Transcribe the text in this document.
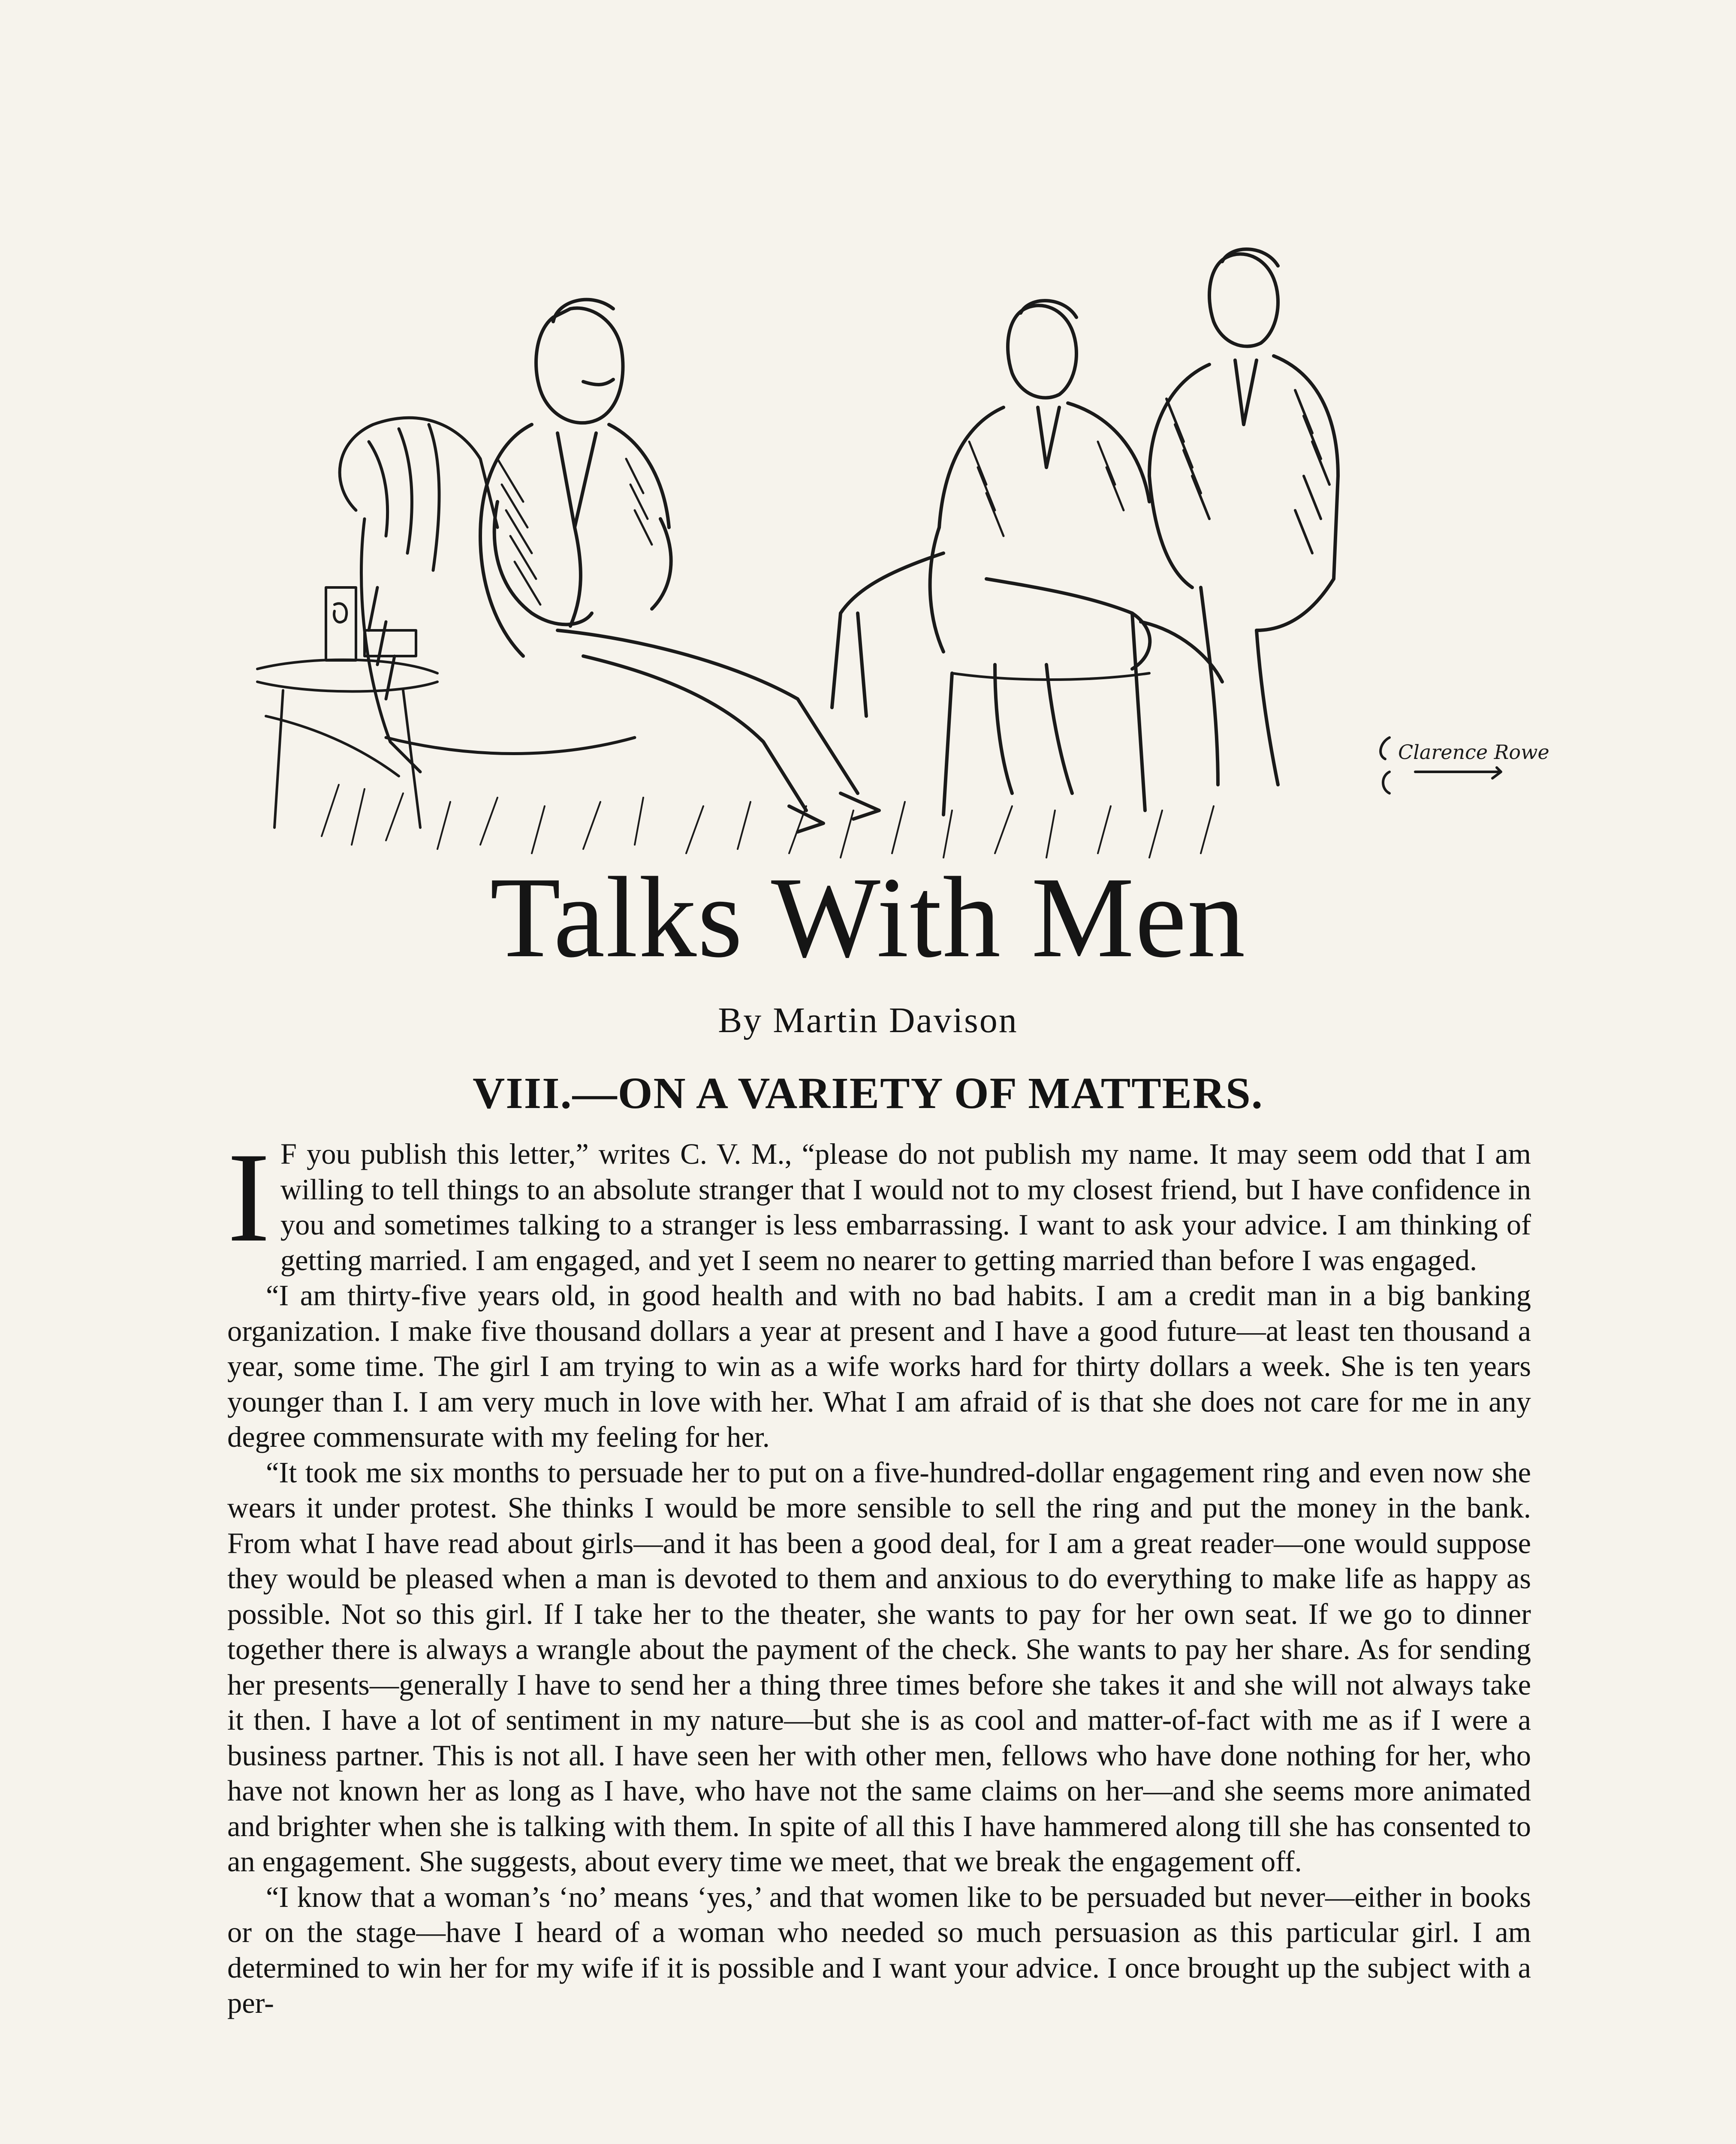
Clarence Rowe
Talks With Men
By Martin Davison
VIII.—ON A VARIETY OF MATTERS.

I F you publish this letter,” writes C. V. M., “please do not publish my name. It may seem odd that I am willing to tell things to an absolute stranger that I would not to my closest friend, but I have confidence in you and sometimes talking to a stranger is less embarrassing. I want to ask your advice. I am thinking of getting married. I am engaged, and yet I seem no nearer to getting married than before I was engaged.

“I am thirty-five years old, in good health and with no bad habits. I am a credit man in a big banking organization. I make five thousand dollars a year at present and I have a good future—at least ten thousand a year, some time. The girl I am trying to win as a wife works hard for thirty dollars a week. She is ten years younger than I. I am very much in love with her. What I am afraid of is that she does not care for me in any degree commensurate with my feeling for her.

“It took me six months to persuade her to put on a five-hundred-dollar engagement ring and even now she wears it under protest. She thinks I would be more sensible to sell the ring and put the money in the bank. From what I have read about girls—and it has been a good deal, for I am a great reader—one would suppose they would be pleased when a man is devoted to them and anxious to do everything to make life as happy as possible. Not so this girl. If I take her to the theater, she wants to pay for her own seat. If we go to dinner together there is always a wrangle about the payment of the check. She wants to pay her share. As for sending her presents—generally I have to send her a thing three times before she takes it and she will not always take it then. I have a lot of sentiment in my nature—but she is as cool and matter-of-fact with me as if I were a business partner. This is not all. I have seen her with other men, fellows who have done nothing for her, who have not known her as long as I have, who have not the same claims on her—and she seems more animated and brighter when she is talking with them. In spite of all this I have hammered along till she has consented to an engagement. She suggests, about every time we meet, that we break the engagement off.

“I know that a woman’s ‘no’ means ‘yes,’ and that women like to be persuaded but never—either in books or on the stage—have I heard of a woman who needed so much persuasion as this particular girl. I am determined to win her for my wife if it is possible and I want your advice. I once brought up the subject with a per-
